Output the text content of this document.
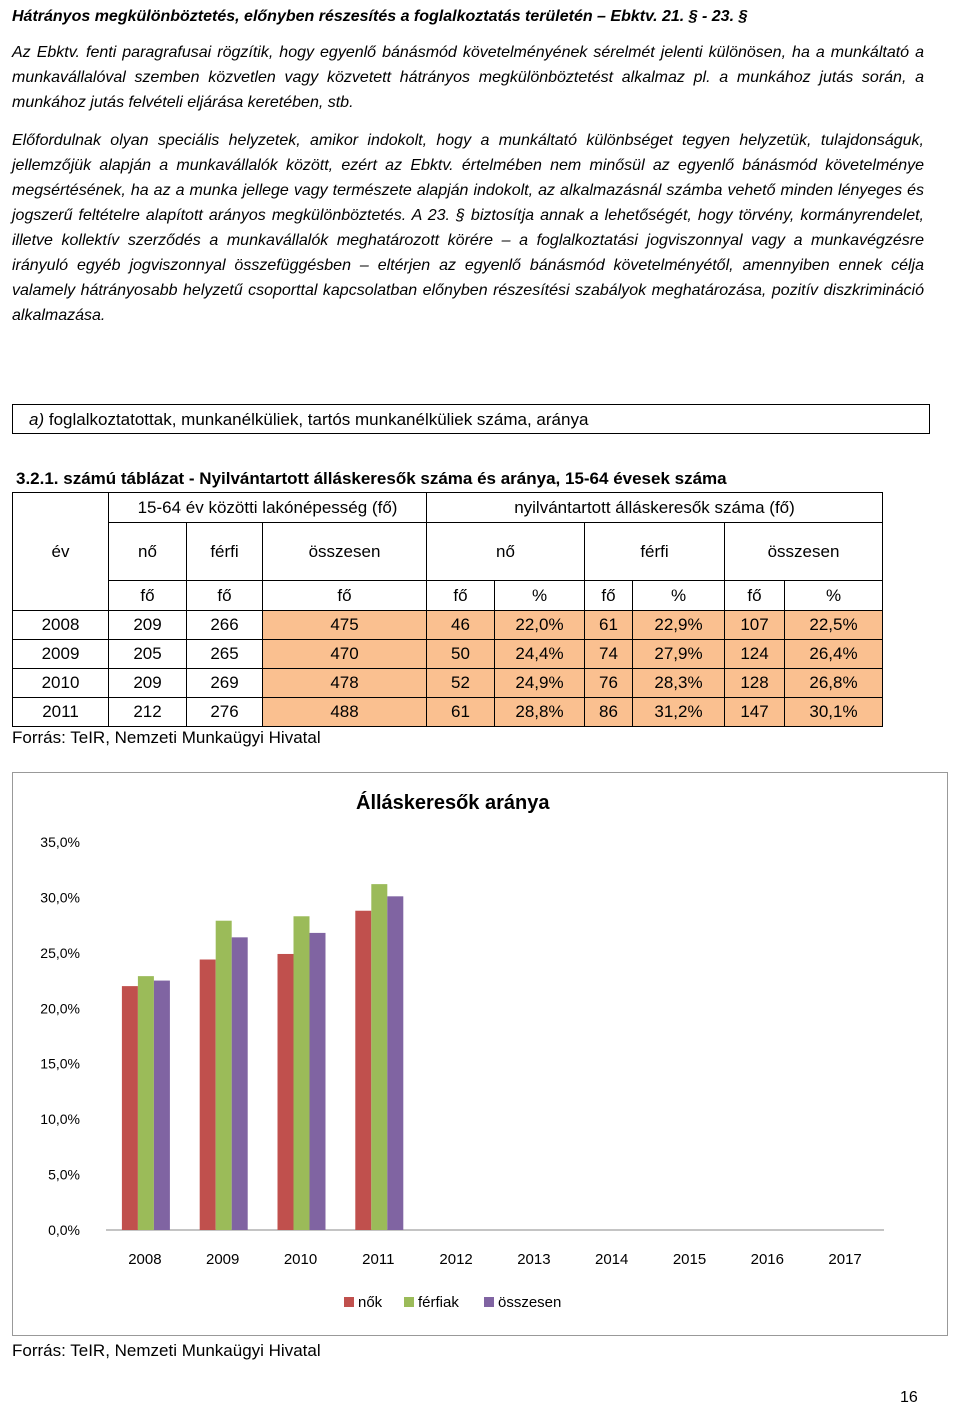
Hátrányos megkülönböztetés, előnyben részesítés a foglalkoztatás területén – Ebktv. 21. § - 23. §
Az Ebktv. fenti paragrafusai rögzítik, hogy egyenlő bánásmód követelményének sérelmét jelenti különösen, ha a munkáltató a munkavállalóval szemben közvetlen vagy közvetett hátrányos megkülönböztetést alkalmaz pl. a munkához jutás során, a munkához jutás felvételi eljárása keretében, stb.
Előfordulnak olyan speciális helyzetek, amikor indokolt, hogy a munkáltató különbséget tegyen helyzetük, tulajdonságuk, jellemzőjük alapján a munkavállalók között, ezért az Ebktv. értelmében nem minősül az egyenlő bánásmód követelménye megsértésének, ha az a munka jellege vagy természete alapján indokolt, az alkalmazásnál számba vehető minden lényeges és jogszerű feltételre alapított arányos megkülönböztetés. A 23. § biztosítja annak a lehetőségét, hogy törvény, kormányrendelet, illetve kollektív szerződés a munkavállalók meghatározott körére – a foglalkoztatási jogviszonnyal vagy a munkavégzésre irányuló egyéb jogviszonnyal összefüggésben – eltérjen az egyenlő bánásmód követelményétől, amennyiben ennek célja valamely hátrányosabb helyzetű csoporttal kapcsolatban előnyben részesítési szabályok meghatározása, pozitív diszkrimináció alkalmazása.
a) foglalkoztatottak, munkanélküliek, tartós munkanélküliek száma, aránya
3.2.1. számú táblázat - Nyilvántartott álláskeresők száma és aránya, 15-64 évesek száma
év	15-64 év közötti lakónépesség (fő)			nyilvántartott álláskeresők száma (fő)					
	nő	férfi	összesen	nő		férfi		összesen	
	fő	fő	fő	fő	%	fő	%	fő	%
2008	209	266	475	46	22,0%	61	22,9%	107	22,5%
2009	205	265	470	50	24,4%	74	27,9%	124	26,4%
2010	209	269	478	52	24,9%	76	28,3%	128	26,8%
2011	212	276	488	61	28,8%	86	31,2%	147	30,1%
Forrás: TeIR, Nemzeti Munkaügyi Hivatal
Álláskeresők aránya
0,0%
5,0%
10,0%
15,0%
20,0%
25,0%
30,0%
35,0%
2008	2009	2010	2011	2012	2013	2014	2015	2016	2017
nők férfiak	összesen
Forrás: TeIR, Nemzeti Munkaügyi Hivatal
16
